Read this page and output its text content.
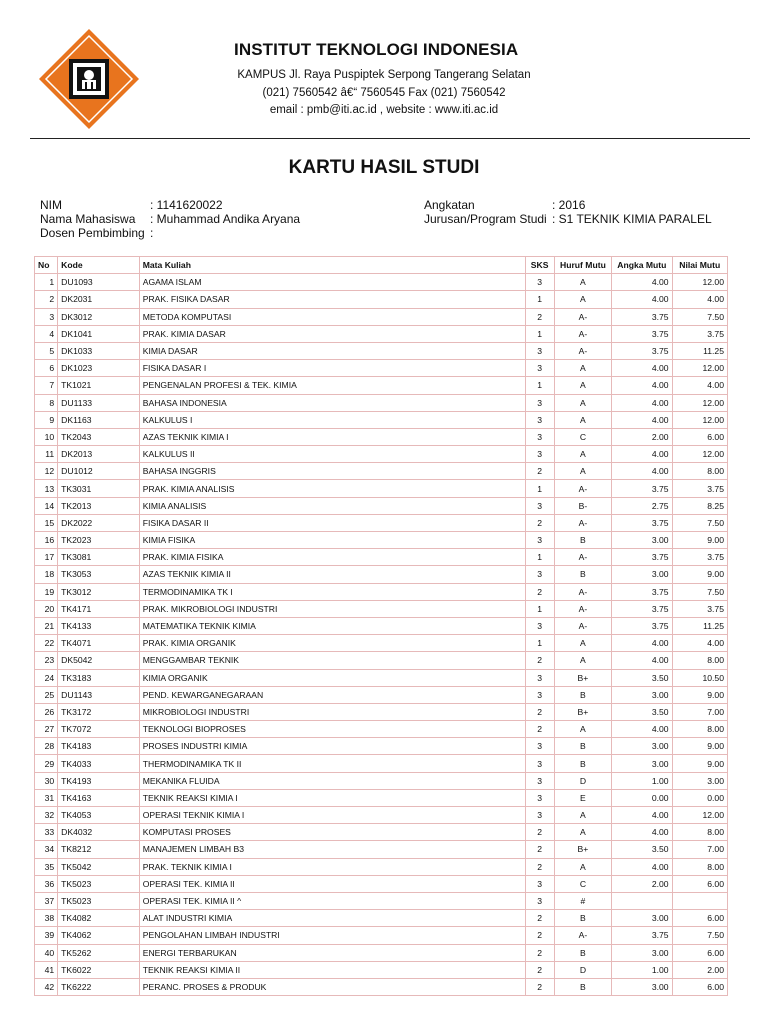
INSTITUT TEKNOLOGI INDONESIA
KAMPUS Jl. Raya Puspiptek Serpong Tangerang Selatan
(021) 7560542 â€“ 7560545 Fax (021) 7560542
email : pmb@iti.ac.id , website : www.iti.ac.id
KARTU HASIL STUDI
NIM	: 1141620022
Nama Mahasiswa : Muhammad Andika Aryana
Dosen Pembimbing :
Angkatan	: 2016
Jurusan/Program Studi : S1 TEKNIK KIMIA PARALEL
No	Kode	Mata Kuliah	SKS	Huruf Mutu	Angka Mutu	Nilai Mutu
1	DU1093	AGAMA ISLAM	3	A	4.00	12.00
2	DK2031	PRAK. FISIKA DASAR	1	A	4.00	4.00
3	DK3012	METODA KOMPUTASI	2	A-	3.75	7.50
4	DK1041	PRAK. KIMIA DASAR	1	A-	3.75	3.75
5	DK1033	KIMIA DASAR	3	A-	3.75	11.25
6	DK1023	FISIKA DASAR I	3	A	4.00	12.00
7	TK1021	PENGENALAN PROFESI & TEK. KIMIA	1	A	4.00	4.00
8	DU1133	BAHASA INDONESIA	3	A	4.00	12.00
9	DK1163	KALKULUS I	3	A	4.00	12.00
10	TK2043	AZAS TEKNIK KIMIA I	3	C	2.00	6.00
11	DK2013	KALKULUS II	3	A	4.00	12.00
12	DU1012	BAHASA INGGRIS	2	A	4.00	8.00
13	TK3031	PRAK. KIMIA ANALISIS	1	A-	3.75	3.75
14	TK2013	KIMIA ANALISIS	3	B-	2.75	8.25
15	DK2022	FISIKA DASAR II	2	A-	3.75	7.50
16	TK2023	KIMIA FISIKA	3	B	3.00	9.00
17	TK3081	PRAK. KIMIA FISIKA	1	A-	3.75	3.75
18	TK3053	AZAS TEKNIK KIMIA II	3	B	3.00	9.00
19	TK3012	TERMODINAMIKA TK I	2	A-	3.75	7.50
20	TK4171	PRAK. MIKROBIOLOGI INDUSTRI	1	A-	3.75	3.75
21	TK4133	MATEMATIKA TEKNIK KIMIA	3	A-	3.75	11.25
22	TK4071	PRAK. KIMIA ORGANIK	1	A	4.00	4.00
23	DK5042	MENGGAMBAR TEKNIK	2	A	4.00	8.00
24	TK3183	KIMIA ORGANIK	3	B+	3.50	10.50
25	DU1143	PEND. KEWARGANEGARAAN	3	B	3.00	9.00
26	TK3172	MIKROBIOLOGI INDUSTRI	2	B+	3.50	7.00
27	TK7072	TEKNOLOGI BIOPROSES	2	A	4.00	8.00
28	TK4183	PROSES INDUSTRI KIMIA	3	B	3.00	9.00
29	TK4033	THERMODINAMIKA TK II	3	B	3.00	9.00
30	TK4193	MEKANIKA FLUIDA	3	D	1.00	3.00
31	TK4163	TEKNIK REAKSI KIMIA I	3	E	0.00	0.00
32	TK4053	OPERASI TEKNIK KIMIA I	3	A	4.00	12.00
33	DK4032	KOMPUTASI PROSES	2	A	4.00	8.00
34	TK8212	MANAJEMEN LIMBAH B3	2	B+	3.50	7.00
35	TK5042	PRAK. TEKNIK KIMIA I	2	A	4.00	8.00
36	TK5023	OPERASI TEK. KIMIA II	3	C	2.00	6.00
37	TK5023	OPERASI TEK. KIMIA II ^	3	#		
38	TK4082	ALAT INDUSTRI KIMIA	2	B	3.00	6.00
39	TK4062	PENGOLAHAN LIMBAH INDUSTRI	2	A-	3.75	7.50
40	TK5262	ENERGI TERBARUKAN	2	B	3.00	6.00
41	TK6022	TEKNIK REAKSI KIMIA II	2	D	1.00	2.00
42	TK6222	PERANC. PROSES & PRODUK	2	B	3.00	6.00
